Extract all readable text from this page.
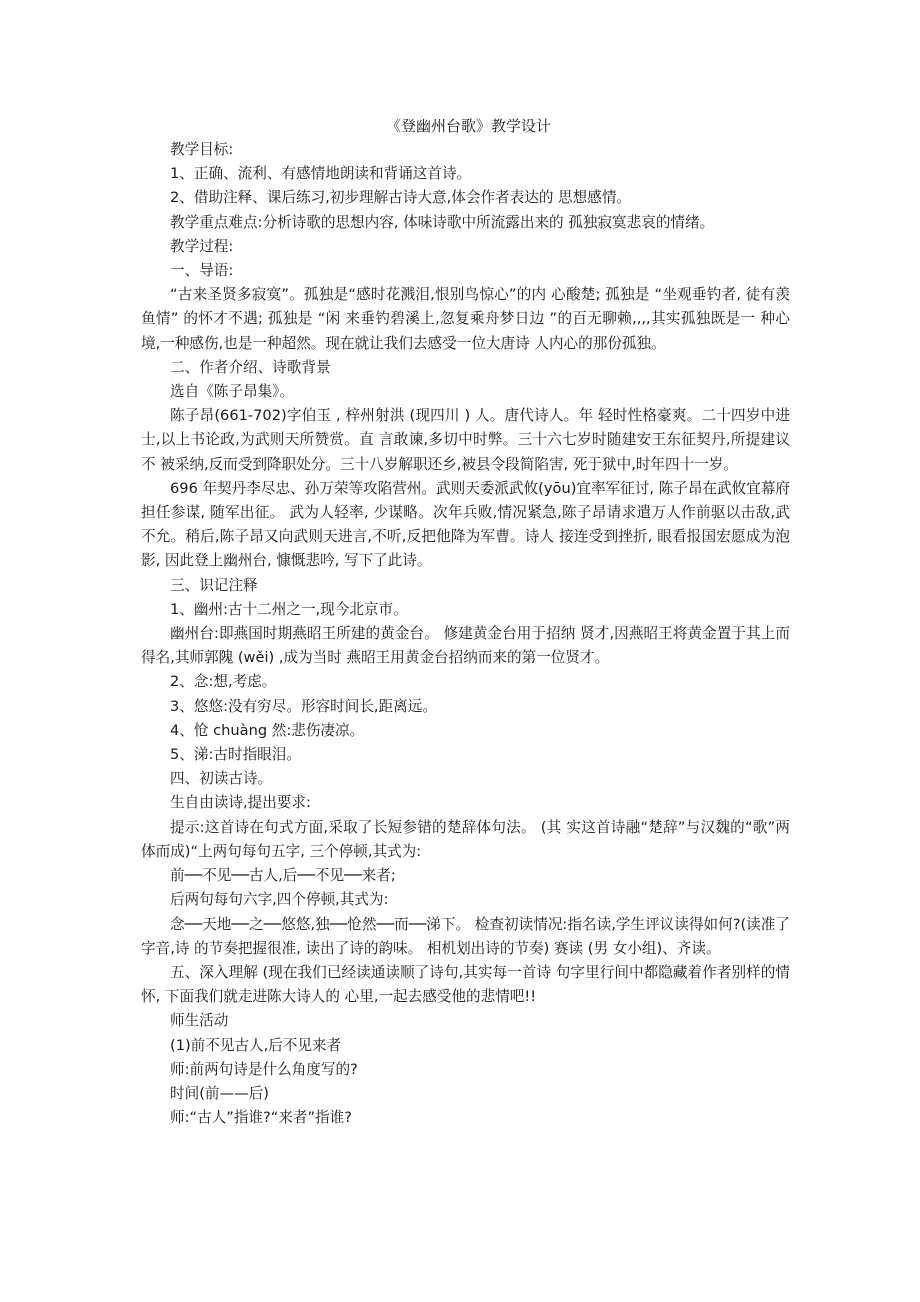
《登幽州台歌》教学设计

教学目标:

1、正确、流利、有感情地朗读和背诵这首诗。

2、借助注释、课后练习,初步理解古诗大意,体会作者表达的 思想感情。

教学重点难点:分析诗歌的思想内容, 体味诗歌中所流露出来的 孤独寂寞悲哀的情绪。

教学过程:

一、导语:

“古来圣贤多寂寞”。孤独是“感时花溅泪,恨别鸟惊心”的内 心酸楚; 孤独是 “坐观垂钓者, 徒有羡鱼情” 的怀才不遇; 孤独是 “闲 来垂钓碧溪上,忽复乘舟梦日边 ”的百无聊赖,,,,其实孤独既是一 种心境,一种感伤,也是一种超然。现在就让我们去感受一位大唐诗 人内心的那份孤独。

二、作者介绍、诗歌背景

选自《陈子昂集》。

陈子昂(661-702)字伯玉 , 梓州射洪 (现四川 ) 人。唐代诗人。年 轻时性格豪爽。二十四岁中进士,以上书论政,为武则天所赞赏。直 言敢谏,多切中时弊。三十六七岁时随建安王东征契丹,所提建议不 被采纳,反而受到降职处分。三十八岁解职还乡,被县令段简陷害, 死于狱中,时年四十一岁。

696 年契丹李尽忠、孙万荣等攻陷营州。武则天委派武攸(yōu)宜率军征讨, 陈子昂在武攸宜幕府担任参谋, 随军出征。 武为人轻率, 少谋略。次年兵败,情况紧急,陈子昂请求遣万人作前驱以击敌,武 不允。稍后,陈子昂又向武则天进言,不听,反把他降为军曹。诗人 接连受到挫折, 眼看报国宏愿成为泡影, 因此登上幽州台, 慷慨悲吟, 写下了此诗。

三、识记注释

1、幽州:古十二州之一,现今北京市。

幽州台:即燕国时期燕昭王所建的黄金台。 修建黄金台用于招纳 贤才,因燕昭王将黄金置于其上而得名,其师郭隗 (wěi) ,成为当时 燕昭王用黄金台招纳而来的第一位贤才。

2、念:想,考虑。

3、悠悠:没有穷尽。形容时间长,距离远。

4、怆 chuàng 然:悲伤凄凉。

5、涕:古时指眼泪。

四、初读古诗。

生自由读诗,提出要求:

提示:这首诗在句式方面,采取了长短参错的楚辞体句法。 (其 实这首诗融“楚辞”与汉魏的“歌”两体而成)“上两句每句五字, 三个停顿,其式为:

前──不见──古人,后──不见──来者;

后两句每句六字,四个停顿,其式为:

念──天地──之──悠悠,独──怆然──而──涕下。 检查初读情况:指名读,学生评议读得如何?(读准了字音,诗 的节奏把握很准, 读出了诗的韵味。 相机划出诗的节奏) 赛读 (男 女小组)、齐读。

五、深入理解 (现在我们已经读通读顺了诗句,其实每一首诗 句字里行间中都隐藏着作者别样的情怀, 下面我们就走进陈大诗人的 心里,一起去感受他的悲情吧!!

师生活动

(1)前不见古人,后不见来者

师:前两句诗是什么角度写的?

时间(前——后)

师:“古人”指谁?“来者”指谁?
